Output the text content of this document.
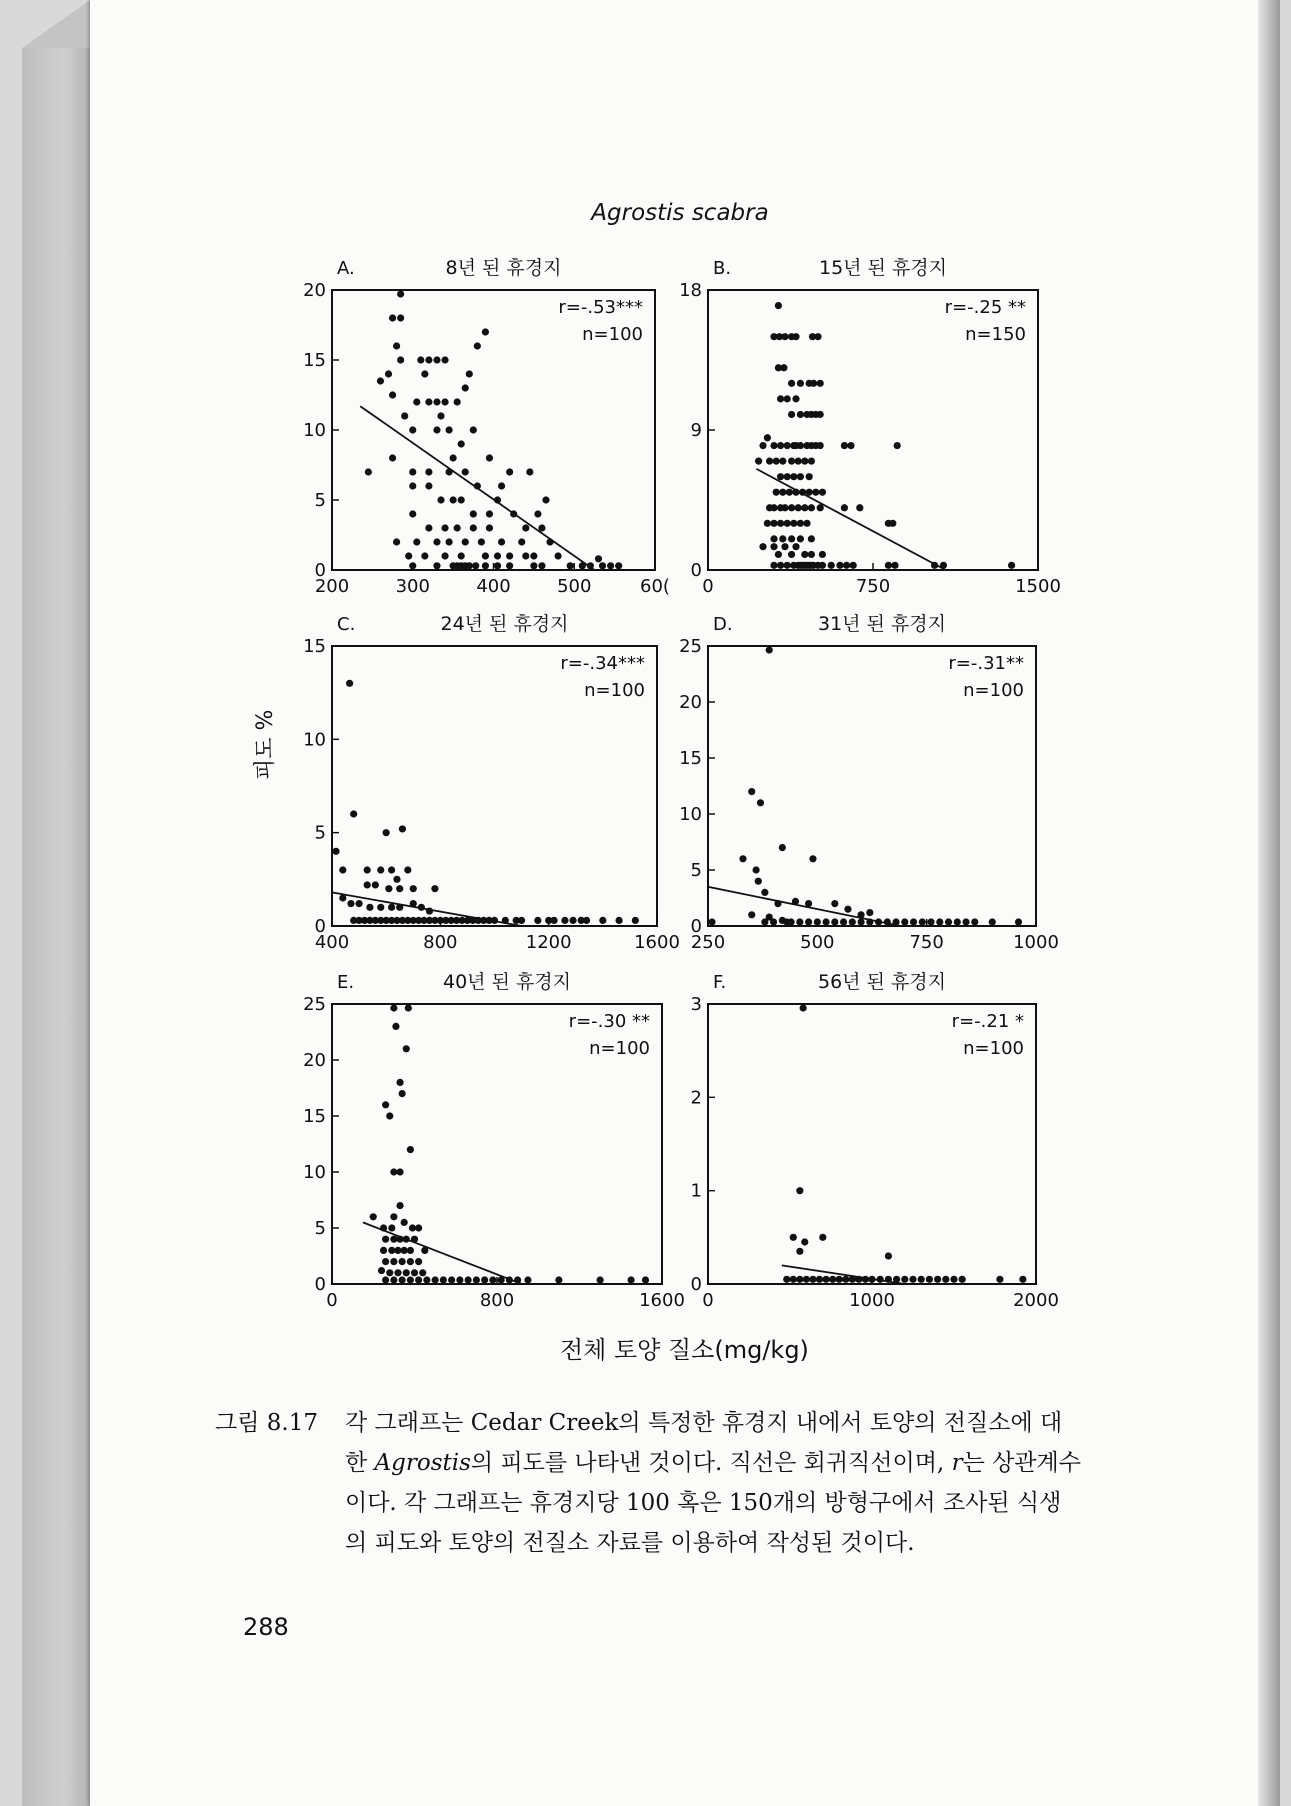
Agrostis scabra
A.	8년 된 휴경지
r=-.53***
n=100
0
5
10
15
20
200	300	400	500	60(
B.	15년 된 휴경지
r=-.25 **
n=150
0
9
18
0	750	1500
C.	24년 된 휴경지
r=-.34***
n=100
0
5
10
15
400	800	1200	1600
D.	31년 된 휴경지
r=-.31**
n=100
0
5
10
15
20
25
250	500	750	1000
E.	40년 된 휴경지
r=-.30 **
n=100
0
5
10
15
20
25
0	800	1600
F.	56년 된 휴경지
r=-.21 *
n=100
0
1
2
3
0	1000	2000
피도 %
전체 토양 질소(mg/kg)
그림 8.17 각 그래프는 Cedar Creek의 특정한 휴경지 내에서 토양의 전질소에 대
한 Agrostis의 피도를 나타낸 것이다. 직선은 회귀직선이며, r는 상관계수
이다. 각 그래프는 휴경지당 100 혹은 150개의 방형구에서 조사된 식생
의 피도와 토양의 전질소 자료를 이용하여 작성된 것이다.
288
